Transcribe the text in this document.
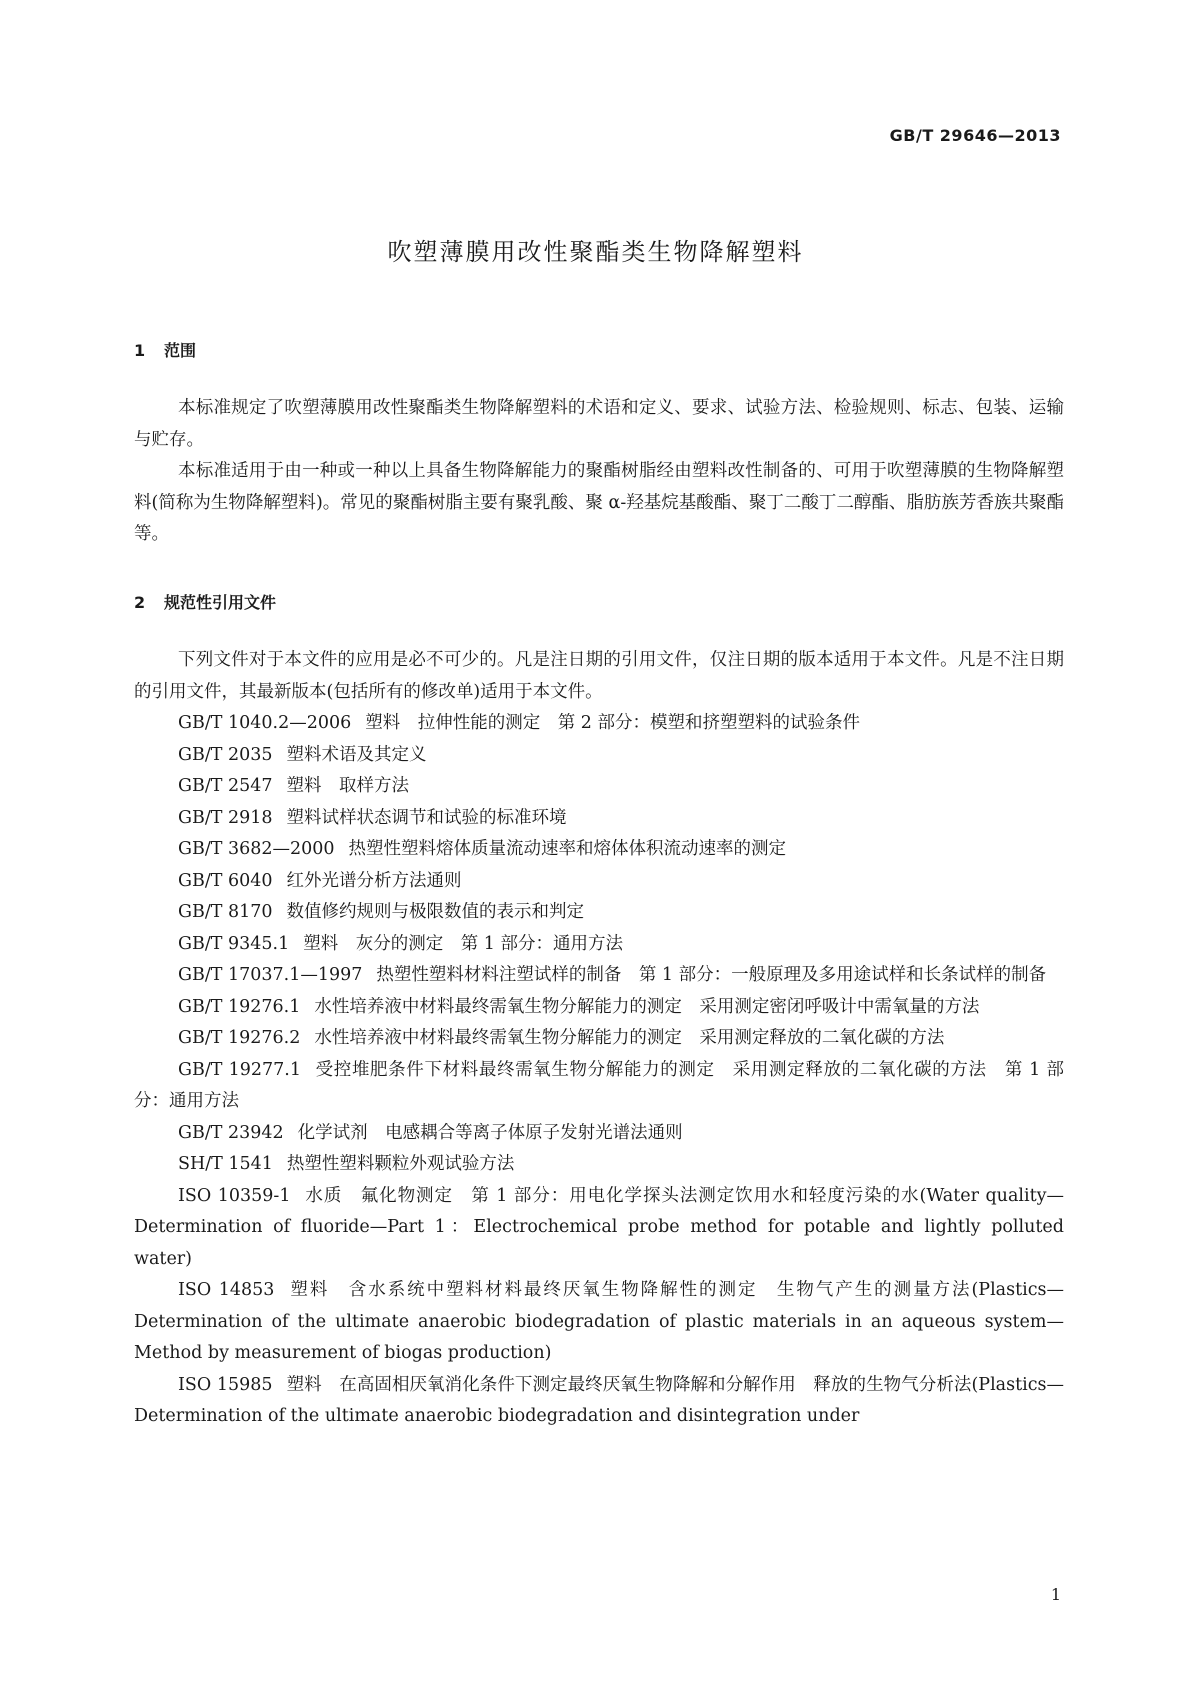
GB/T 29646—2013
吹塑薄膜用改性聚酯类生物降解塑料
1 范围

本标准规定了吹塑薄膜用改性聚酯类生物降解塑料的术语和定义、要求、试验方法、检验规则、标志、包装、运输与贮存。

本标准适用于由一种或一种以上具备生物降解能力的聚酯树脂经由塑料改性制备的、可用于吹塑薄膜的生物降解塑料(简称为生物降解塑料)。常见的聚酯树脂主要有聚乳酸、聚 α-羟基烷基酸酯、聚丁二酸丁二醇酯、脂肪族芳香族共聚酯等。

2 规范性引用文件

下列文件对于本文件的应用是必不可少的。凡是注日期的引用文件，仅注日期的版本适用于本文件。凡是不注日期的引用文件，其最新版本(包括所有的修改单)适用于本文件。

GB/T 1040.2—2006 塑料　拉伸性能的测定　第 2 部分：模塑和挤塑塑料的试验条件

GB/T 2035 塑料术语及其定义

GB/T 2547 塑料　取样方法

GB/T 2918 塑料试样状态调节和试验的标准环境

GB/T 3682—2000 热塑性塑料熔体质量流动速率和熔体体积流动速率的测定

GB/T 6040 红外光谱分析方法通则

GB/T 8170 数值修约规则与极限数值的表示和判定

GB/T 9345.1 塑料　灰分的测定　第 1 部分：通用方法

GB/T 17037.1—1997 热塑性塑料材料注塑试样的制备　第 1 部分：一般原理及多用途试样和长条试样的制备

GB/T 19276.1 水性培养液中材料最终需氧生物分解能力的测定　采用测定密闭呼吸计中需氧量的方法

GB/T 19276.2 水性培养液中材料最终需氧生物分解能力的测定　采用测定释放的二氧化碳的方法

GB/T 19277.1 受控堆肥条件下材料最终需氧生物分解能力的测定　采用测定释放的二氧化碳的方法　第 1 部分：通用方法

GB/T 23942 化学试剂　电感耦合等离子体原子发射光谱法通则

SH/T 1541 热塑性塑料颗粒外观试验方法

ISO 10359-1 水质　氟化物测定　第 1 部分：用电化学探头法测定饮用水和轻度污染的水(Water quality—Determination of fluoride—Part 1：Electrochemical probe method for potable and lightly polluted water)

ISO 14853 塑料　含水系统中塑料材料最终厌氧生物降解性的测定　生物气产生的测量方法(Plastics—Determination of the ultimate anaerobic biodegradation of plastic materials in an aqueous system—Method by measurement of biogas production)

ISO 15985 塑料　在高固相厌氧消化条件下测定最终厌氧生物降解和分解作用　释放的生物气分析法(Plastics—Determination of the ultimate anaerobic biodegradation and disintegration under

1
